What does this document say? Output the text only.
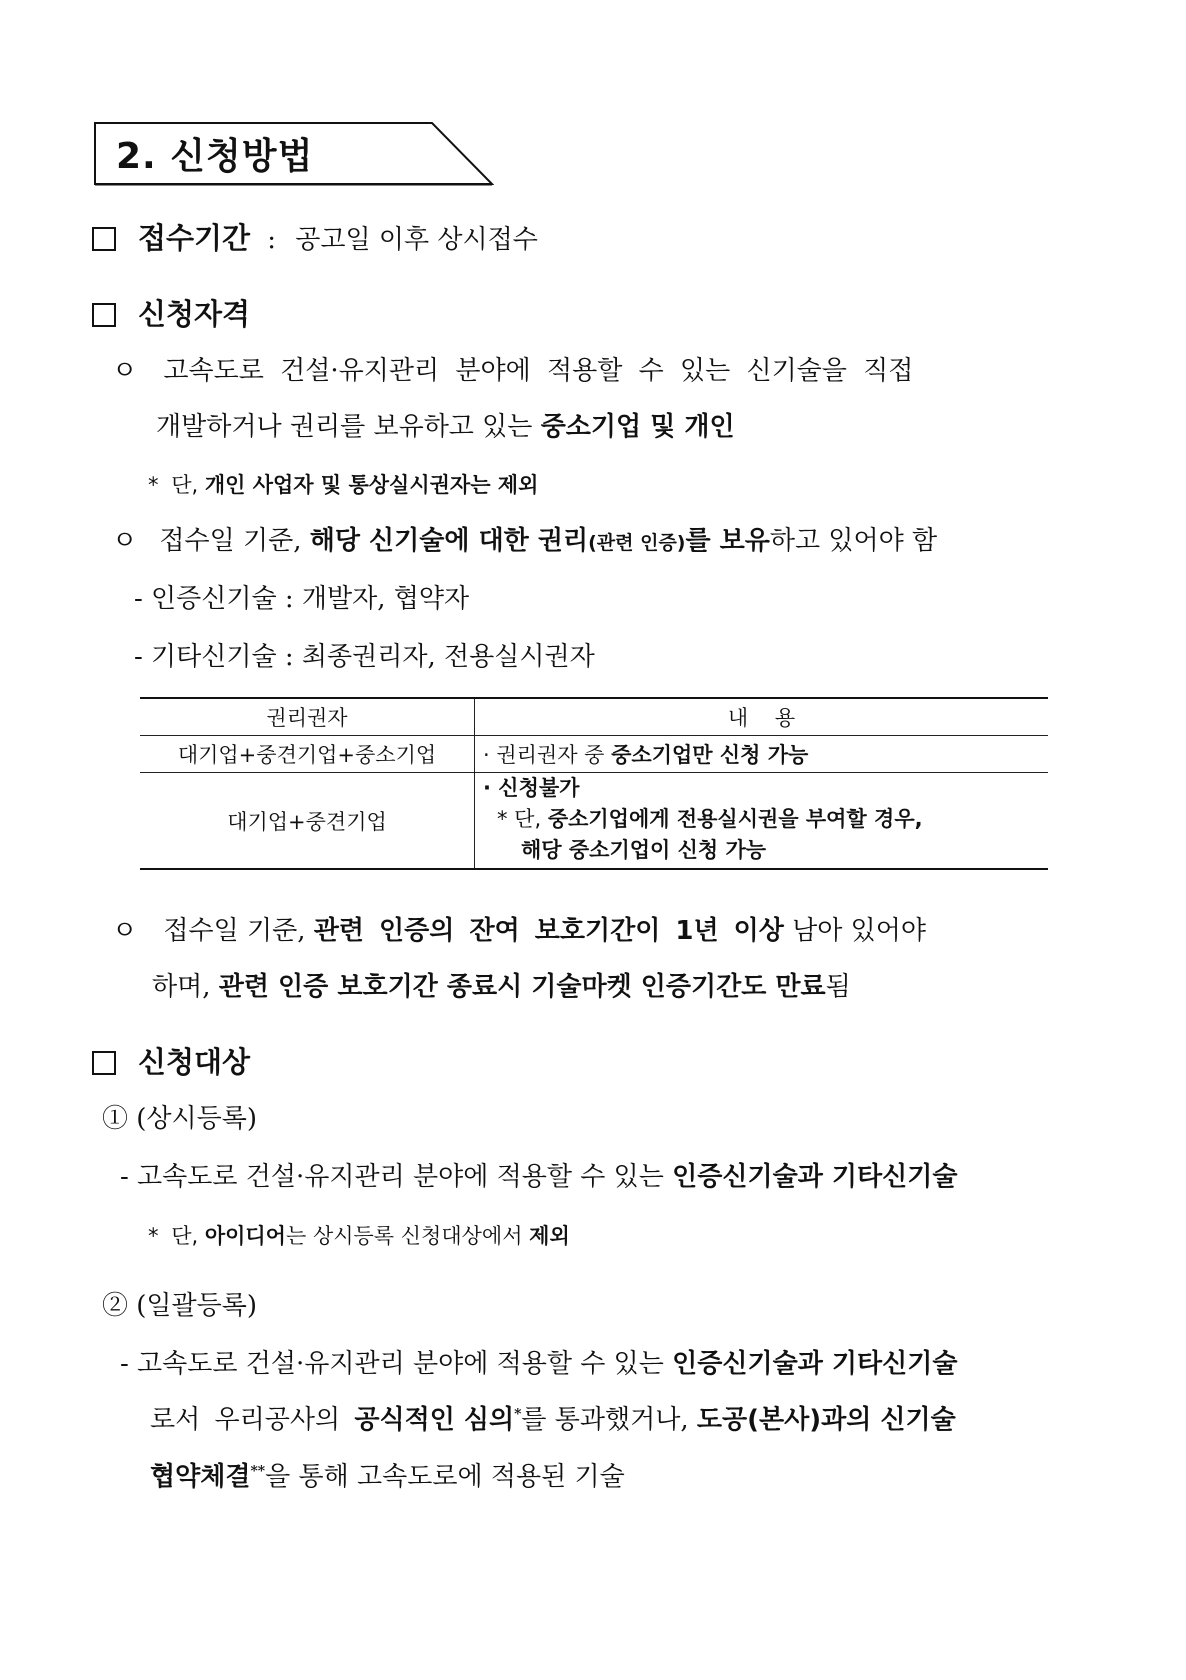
2. 신청방법
접수기간 : 공고일 이후 상시접수
신청자격
ㅇ 고속도로 건설·유지관리 분야에 적용할 수 있는 신기술을 직접
개발하거나 권리를 보유하고 있는 중소기업 및 개인
* 단, 개인 사업자 및 통상실시권자는 제외
ㅇ 접수일 기준, 해당 신기술에 대한 권리(관련 인증)를 보유하고 있어야 함
- 인증신기술 : 개발자, 협약자
- 기타신기술 : 최종권리자, 전용실시권자
권리권자	내    용
대기업+중견기업+중소기업	· 권리권자 중 중소기업만 신청 가능
대기업+중견기업	· 신청불가
* 단, 중소기업에게 전용실시권을 부여할 경우,
해당 중소기업이 신청 가능
ㅇ 접수일 기준, 관련 인증의 잔여 보호기간이 1년 이상 남아 있어야
하며, 관련 인증 보호기간 종료시 기술마켓 인증기간도 만료됨
신청대상
① (상시등록)
- 고속도로 건설·유지관리 분야에 적용할 수 있는 인증신기술과 기타신기술
* 단, 아이디어는 상시등록 신청대상에서 제외
② (일괄등록)
- 고속도로 건설·유지관리 분야에 적용할 수 있는 인증신기술과 기타신기술
로서 우리공사의 공식적인 심의*를 통과했거나, 도공(본사)과의 신기술
협약체결**을 통해 고속도로에 적용된 기술
